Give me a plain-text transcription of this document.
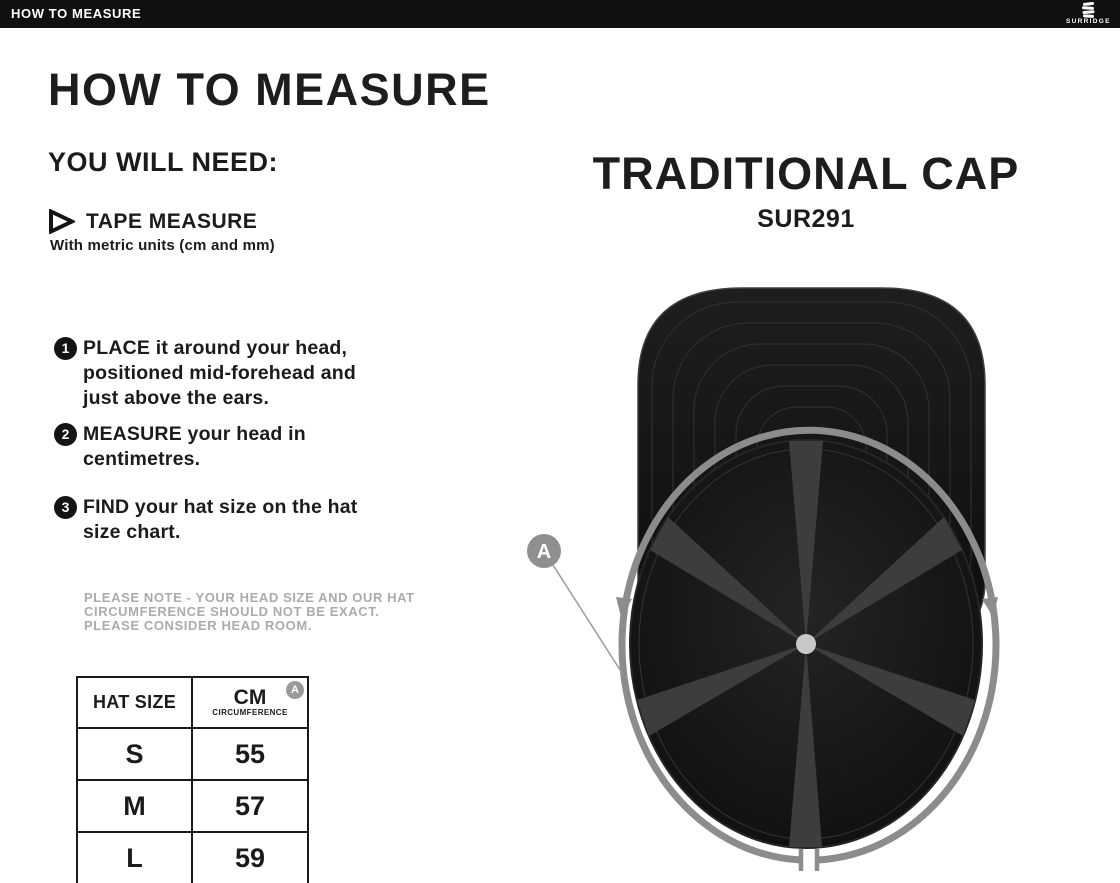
HOW TO MEASURE
SURRIDGE
HOW TO MEASURE
YOU WILL NEED:
TAPE MEASURE
With metric units (cm and mm)
1 PLACE it around your head,
positioned mid-forehead and
just above the ears.
2 MEASURE your head in
centimetres.
3 FIND your hat size on the hat
size chart.
PLEASE NOTE - YOUR HEAD SIZE AND OUR HAT
CIRCUMFERENCE SHOULD NOT BE EXACT.
PLEASE CONSIDER HEAD ROOM.
HAT SIZE	CM
CIRCUMFERENCE
A

S	55
M	57
L	59
TRADITIONAL CAP
SUR291
A
